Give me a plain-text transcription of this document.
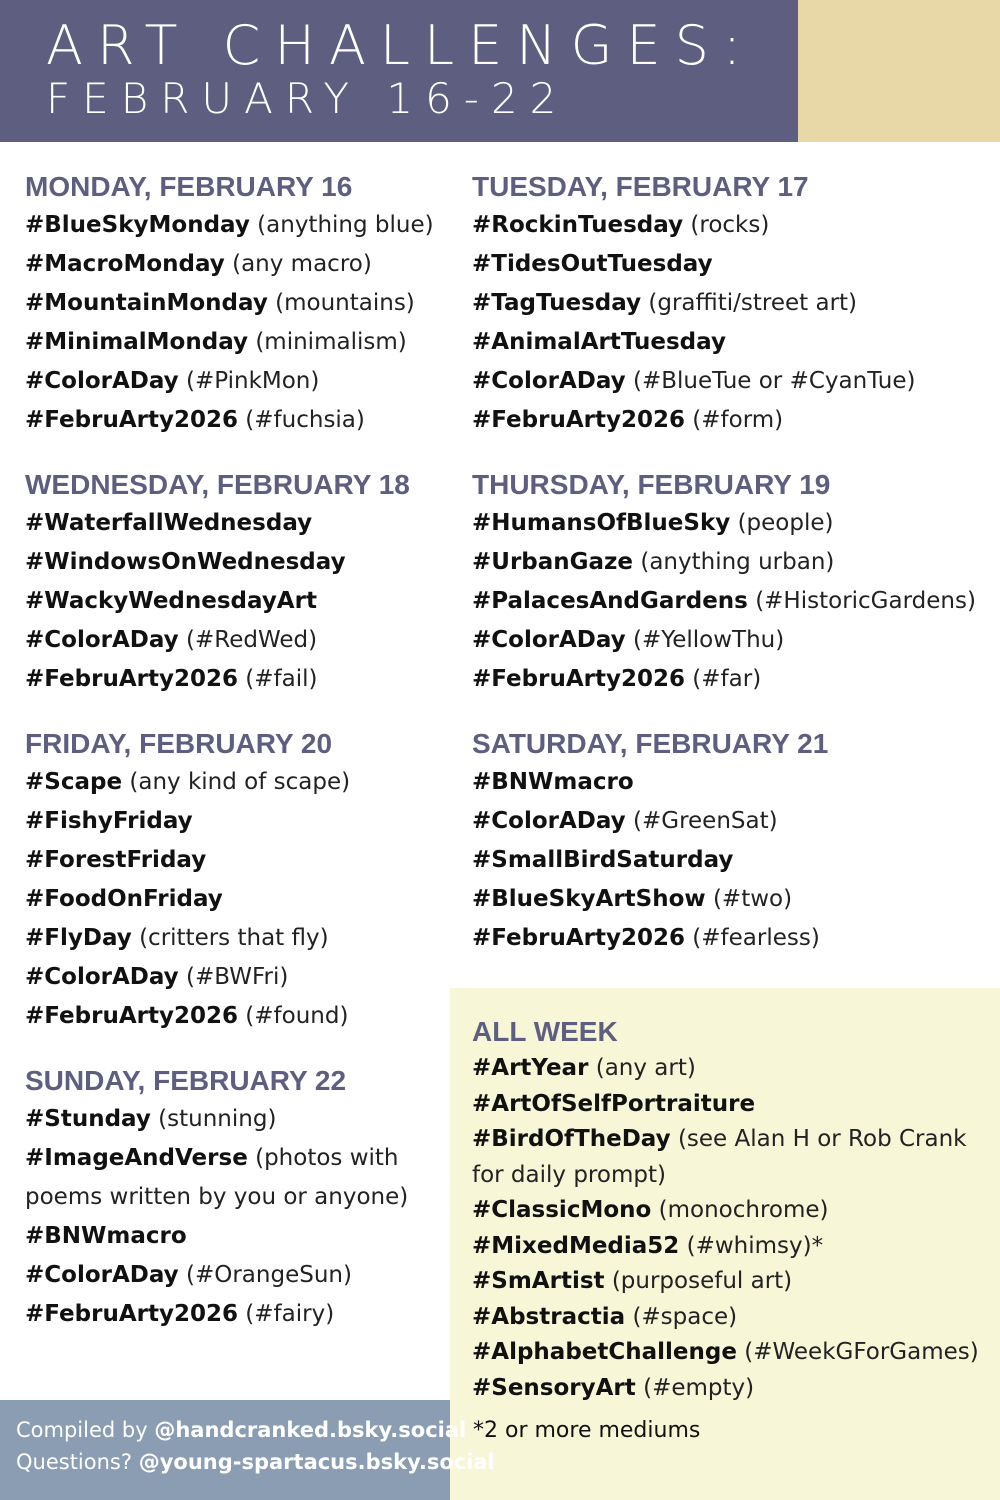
ART CHALLENGES:
FEBRUARY 16-22
MONDAY, FEBRUARY 16
#BlueSkyMonday (anything blue)
#MacroMonday (any macro)
#MountainMonday (mountains)
#MinimalMonday (minimalism)
#ColorADay (#PinkMon)
#FebruArty2026 (#fuchsia)
TUESDAY, FEBRUARY 17
#RockinTuesday (rocks)
#TidesOutTuesday
#TagTuesday (graffiti/street art)
#AnimalArtTuesday
#ColorADay (#BlueTue or #CyanTue)
#FebruArty2026 (#form)
WEDNESDAY, FEBRUARY 18
#WaterfallWednesday
#WindowsOnWednesday
#WackyWednesdayArt
#ColorADay (#RedWed)
#FebruArty2026 (#fail)
THURSDAY, FEBRUARY 19
#HumansOfBlueSky (people)
#UrbanGaze (anything urban)
#PalacesAndGardens (#HistoricGardens)
#ColorADay (#YellowThu)
#FebruArty2026 (#far)
FRIDAY, FEBRUARY 20
#Scape (any kind of scape)
#FishyFriday
#ForestFriday
#FoodOnFriday
#FlyDay (critters that fly)
#ColorADay (#BWFri)
#FebruArty2026 (#found)
SATURDAY, FEBRUARY 21
#BNWmacro
#ColorADay (#GreenSat)
#SmallBirdSaturday
#BlueSkyArtShow (#two)
#FebruArty2026 (#fearless)
SUNDAY, FEBRUARY 22
#Stunday (stunning)
#ImageAndVerse (photos with poems written by you or anyone)
#BNWmacro
#ColorADay (#OrangeSun)
#FebruArty2026 (#fairy)
ALL WEEK
#ArtYear (any art)
#ArtOfSelfPortraiture
#BirdOfTheDay (see Alan H or Rob Crank for daily prompt)
#ClassicMono (monochrome)
#MixedMedia52 (#whimsy)*
#SmArtist (purposeful art)
#Abstractia (#space)
#AlphabetChallenge (#WeekGForGames)
#SensoryArt (#empty)
*2 or more mediums
Compiled by @handcranked.bsky.social
Questions? @young-spartacus.bsky.social
